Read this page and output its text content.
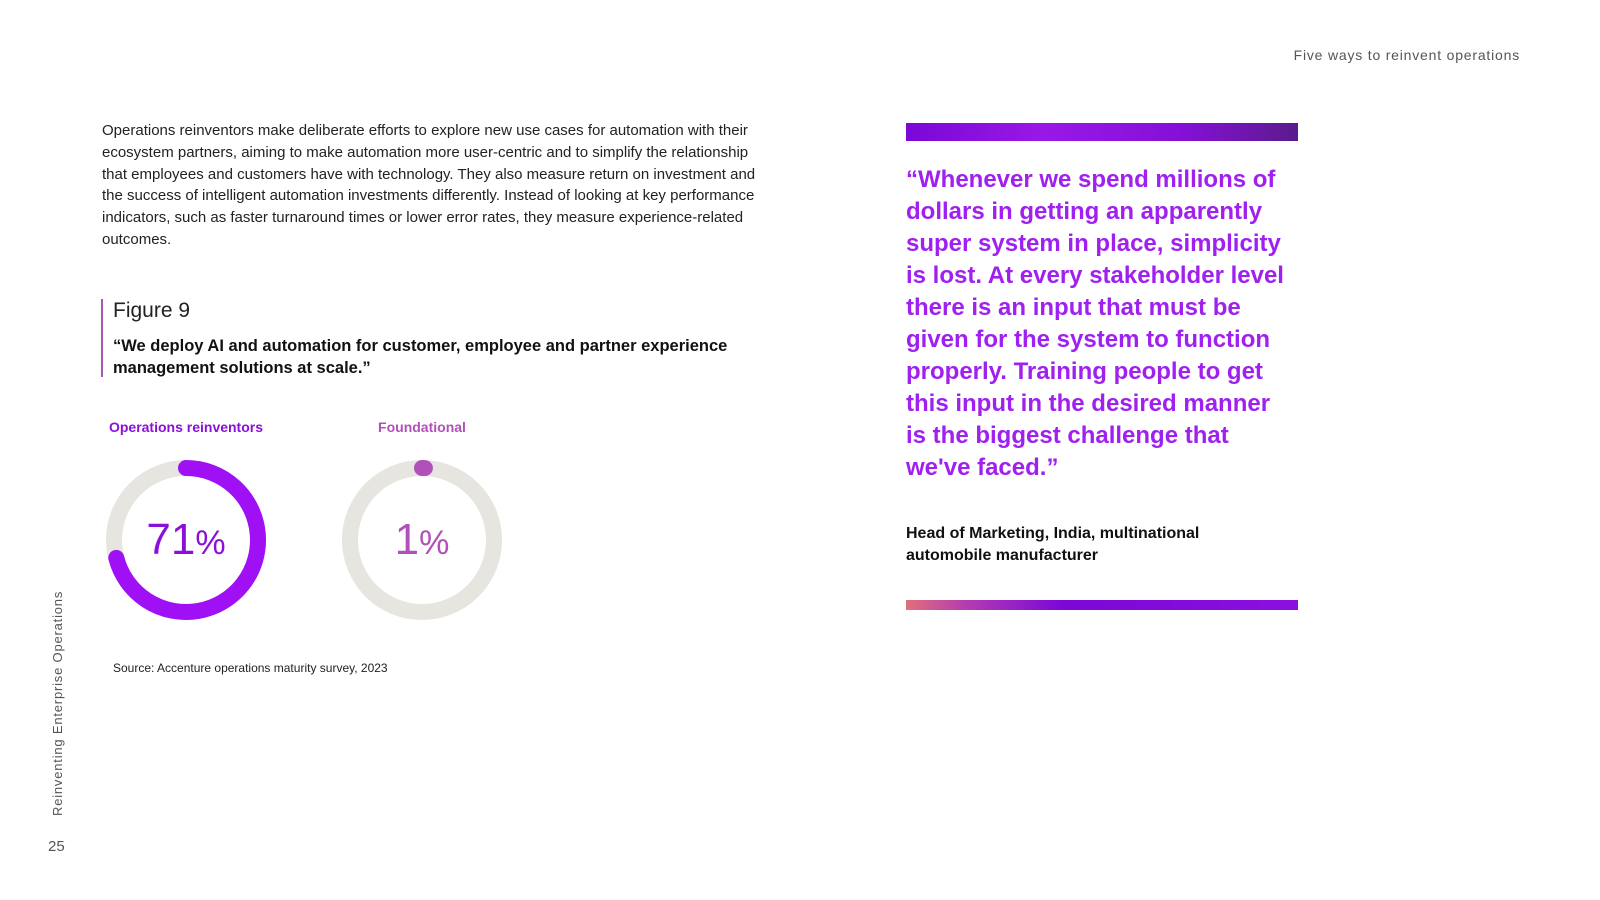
Five ways to reinvent operations
Operations reinventors make deliberate efforts to explore new use cases for automation with their ecosystem partners, aiming to make automation more user-centric and to simplify the relationship that employees and customers have with technology. They also measure return on investment and the success of intelligent automation investments differently. Instead of looking at key performance indicators, such as faster turnaround times or lower error rates, they measure experience-related outcomes.
Figure 9
“We deploy AI and automation for customer, employee and partner experience management solutions at scale.”
Operations reinventors
71%
Foundational
1%
Source: Accenture operations maturity survey, 2023
“Whenever we spend millions of dollars in getting an apparently super system in place, simplicity is lost. At every stakeholder level there is an input that must be given for the system to function properly. Training people to get this input in the desired manner is the biggest challenge that we've faced.”
Head of Marketing, India, multinational automobile manufacturer
Reinventing Enterprise Operations
25
